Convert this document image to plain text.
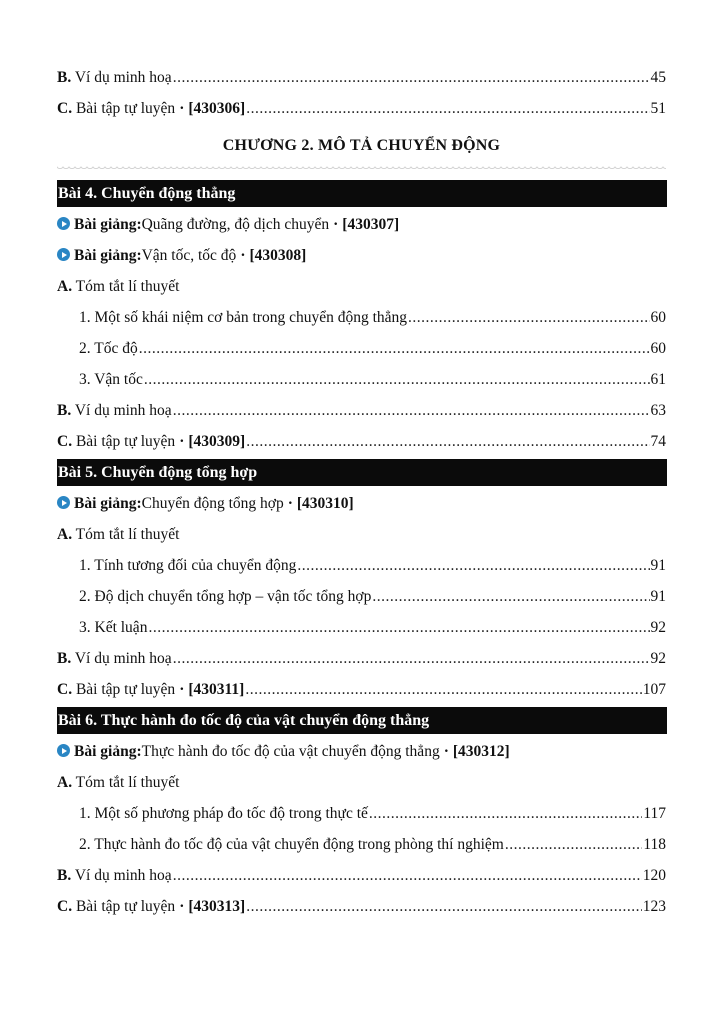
B. Ví dụ minh hoạ .....	45
C. Bài tập tự luyện · [430306] .....	51
CHƯƠNG 2. MÔ TẢ CHUYỂN ĐỘNG
Bài 4. Chuyển động thẳng
Bài giảng: Quãng đường, độ dịch chuyển · [430307]
Bài giảng: Vận tốc, tốc độ · [430308]
A. Tóm tắt lí thuyết
1. Một số khái niệm cơ bản trong chuyển động thẳng .....	60
2. Tốc độ .....	60
3. Vận tốc .....	61
B. Ví dụ minh hoạ .....	63
C. Bài tập tự luyện · [430309] .....	74
Bài 5. Chuyển động tổng hợp
Bài giảng: Chuyển động tổng hợp · [430310]
A. Tóm tắt lí thuyết
1. Tính tương đối của chuyển động .....	91
2. Độ dịch chuyển tổng hợp – vận tốc tổng hợp .....	91
3. Kết luận .....	92
B. Ví dụ minh hoạ .....	92
C. Bài tập tự luyện · [430311] .....	107
Bài 6. Thực hành đo tốc độ của vật chuyển động thẳng
Bài giảng: Thực hành đo tốc độ của vật chuyển động thẳng · [430312]
A. Tóm tắt lí thuyết
1. Một số phương pháp đo tốc độ trong thực tế .....	117
2. Thực hành đo tốc độ của vật chuyển động trong phòng thí nghiệm .....	118
B. Ví dụ minh hoạ .....	120
C. Bài tập tự luyện · [430313] .....	123
